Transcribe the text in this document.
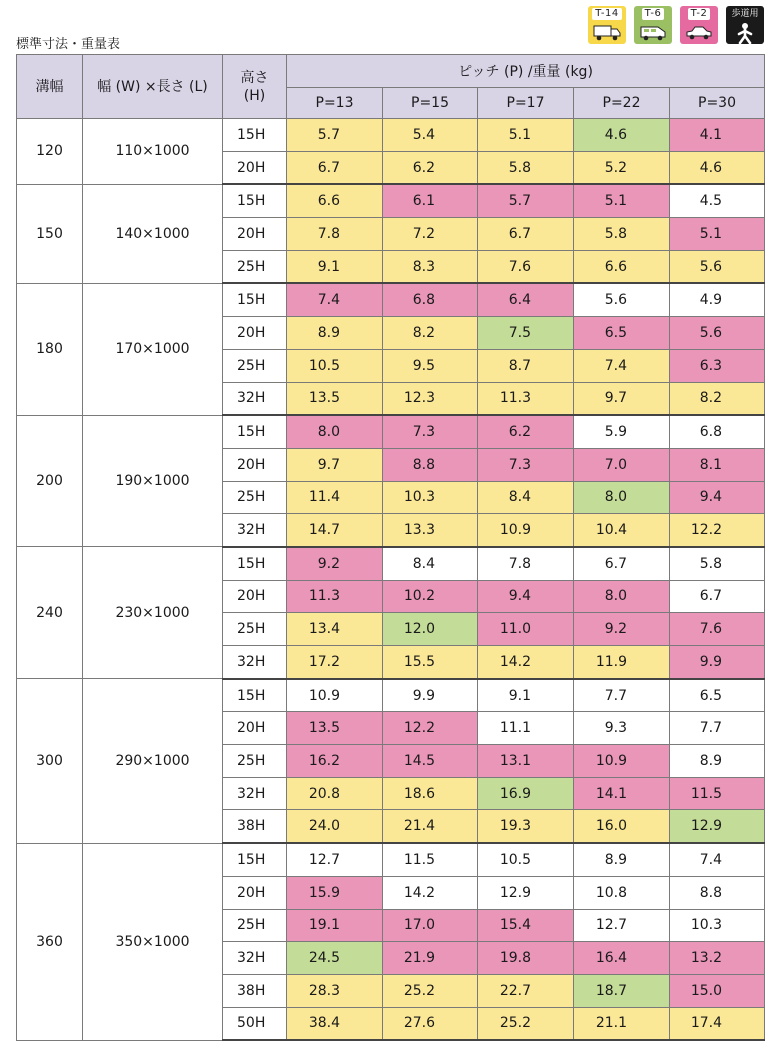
標準寸法・重量表
T-14	T-6	T-2	歩道用
溝幅	幅 (W) ×長さ (L)	高さ
(H)	ピッチ (P) /重量 (kg)				
			P=13	P=15	P=17	P=22	P=30
120	110×1000	15H	5.7	5.4	5.1	4.6	4.1
		20H	6.7	6.2	5.8	5.2	4.6
150	140×1000	15H	6.6	6.1	5.7	5.1	4.5
		20H	7.8	7.2	6.7	5.8	5.1
		25H	9.1	8.3	7.6	6.6	5.6
180	170×1000	15H	7.4	6.8	6.4	5.6	4.9
		20H	8.9	8.2	7.5	6.5	5.6
		25H	10.5	9.5	8.7	7.4	6.3
		32H	13.5	12.3	11.3	9.7	8.2
200	190×1000	15H	8.0	7.3	6.2	5.9	6.8
		20H	9.7	8.8	7.3	7.0	8.1
		25H	11.4	10.3	8.4	8.0	9.4
		32H	14.7	13.3	10.9	10.4	12.2
240	230×1000	15H	9.2	8.4	7.8	6.7	5.8
		20H	11.3	10.2	9.4	8.0	6.7
		25H	13.4	12.0	11.0	9.2	7.6
		32H	17.2	15.5	14.2	11.9	9.9
300	290×1000	15H	10.9	9.9	9.1	7.7	6.5
		20H	13.5	12.2	11.1	9.3	7.7
		25H	16.2	14.5	13.1	10.9	8.9
		32H	20.8	18.6	16.9	14.1	11.5
		38H	24.0	21.4	19.3	16.0	12.9
360	350×1000	15H	12.7	11.5	10.5	8.9	7.4
		20H	15.9	14.2	12.9	10.8	8.8
		25H	19.1	17.0	15.4	12.7	10.3
		32H	24.5	21.9	19.8	16.4	13.2
		38H	28.3	25.2	22.7	18.7	15.0
		50H	38.4	27.6	25.2	21.1	17.4
